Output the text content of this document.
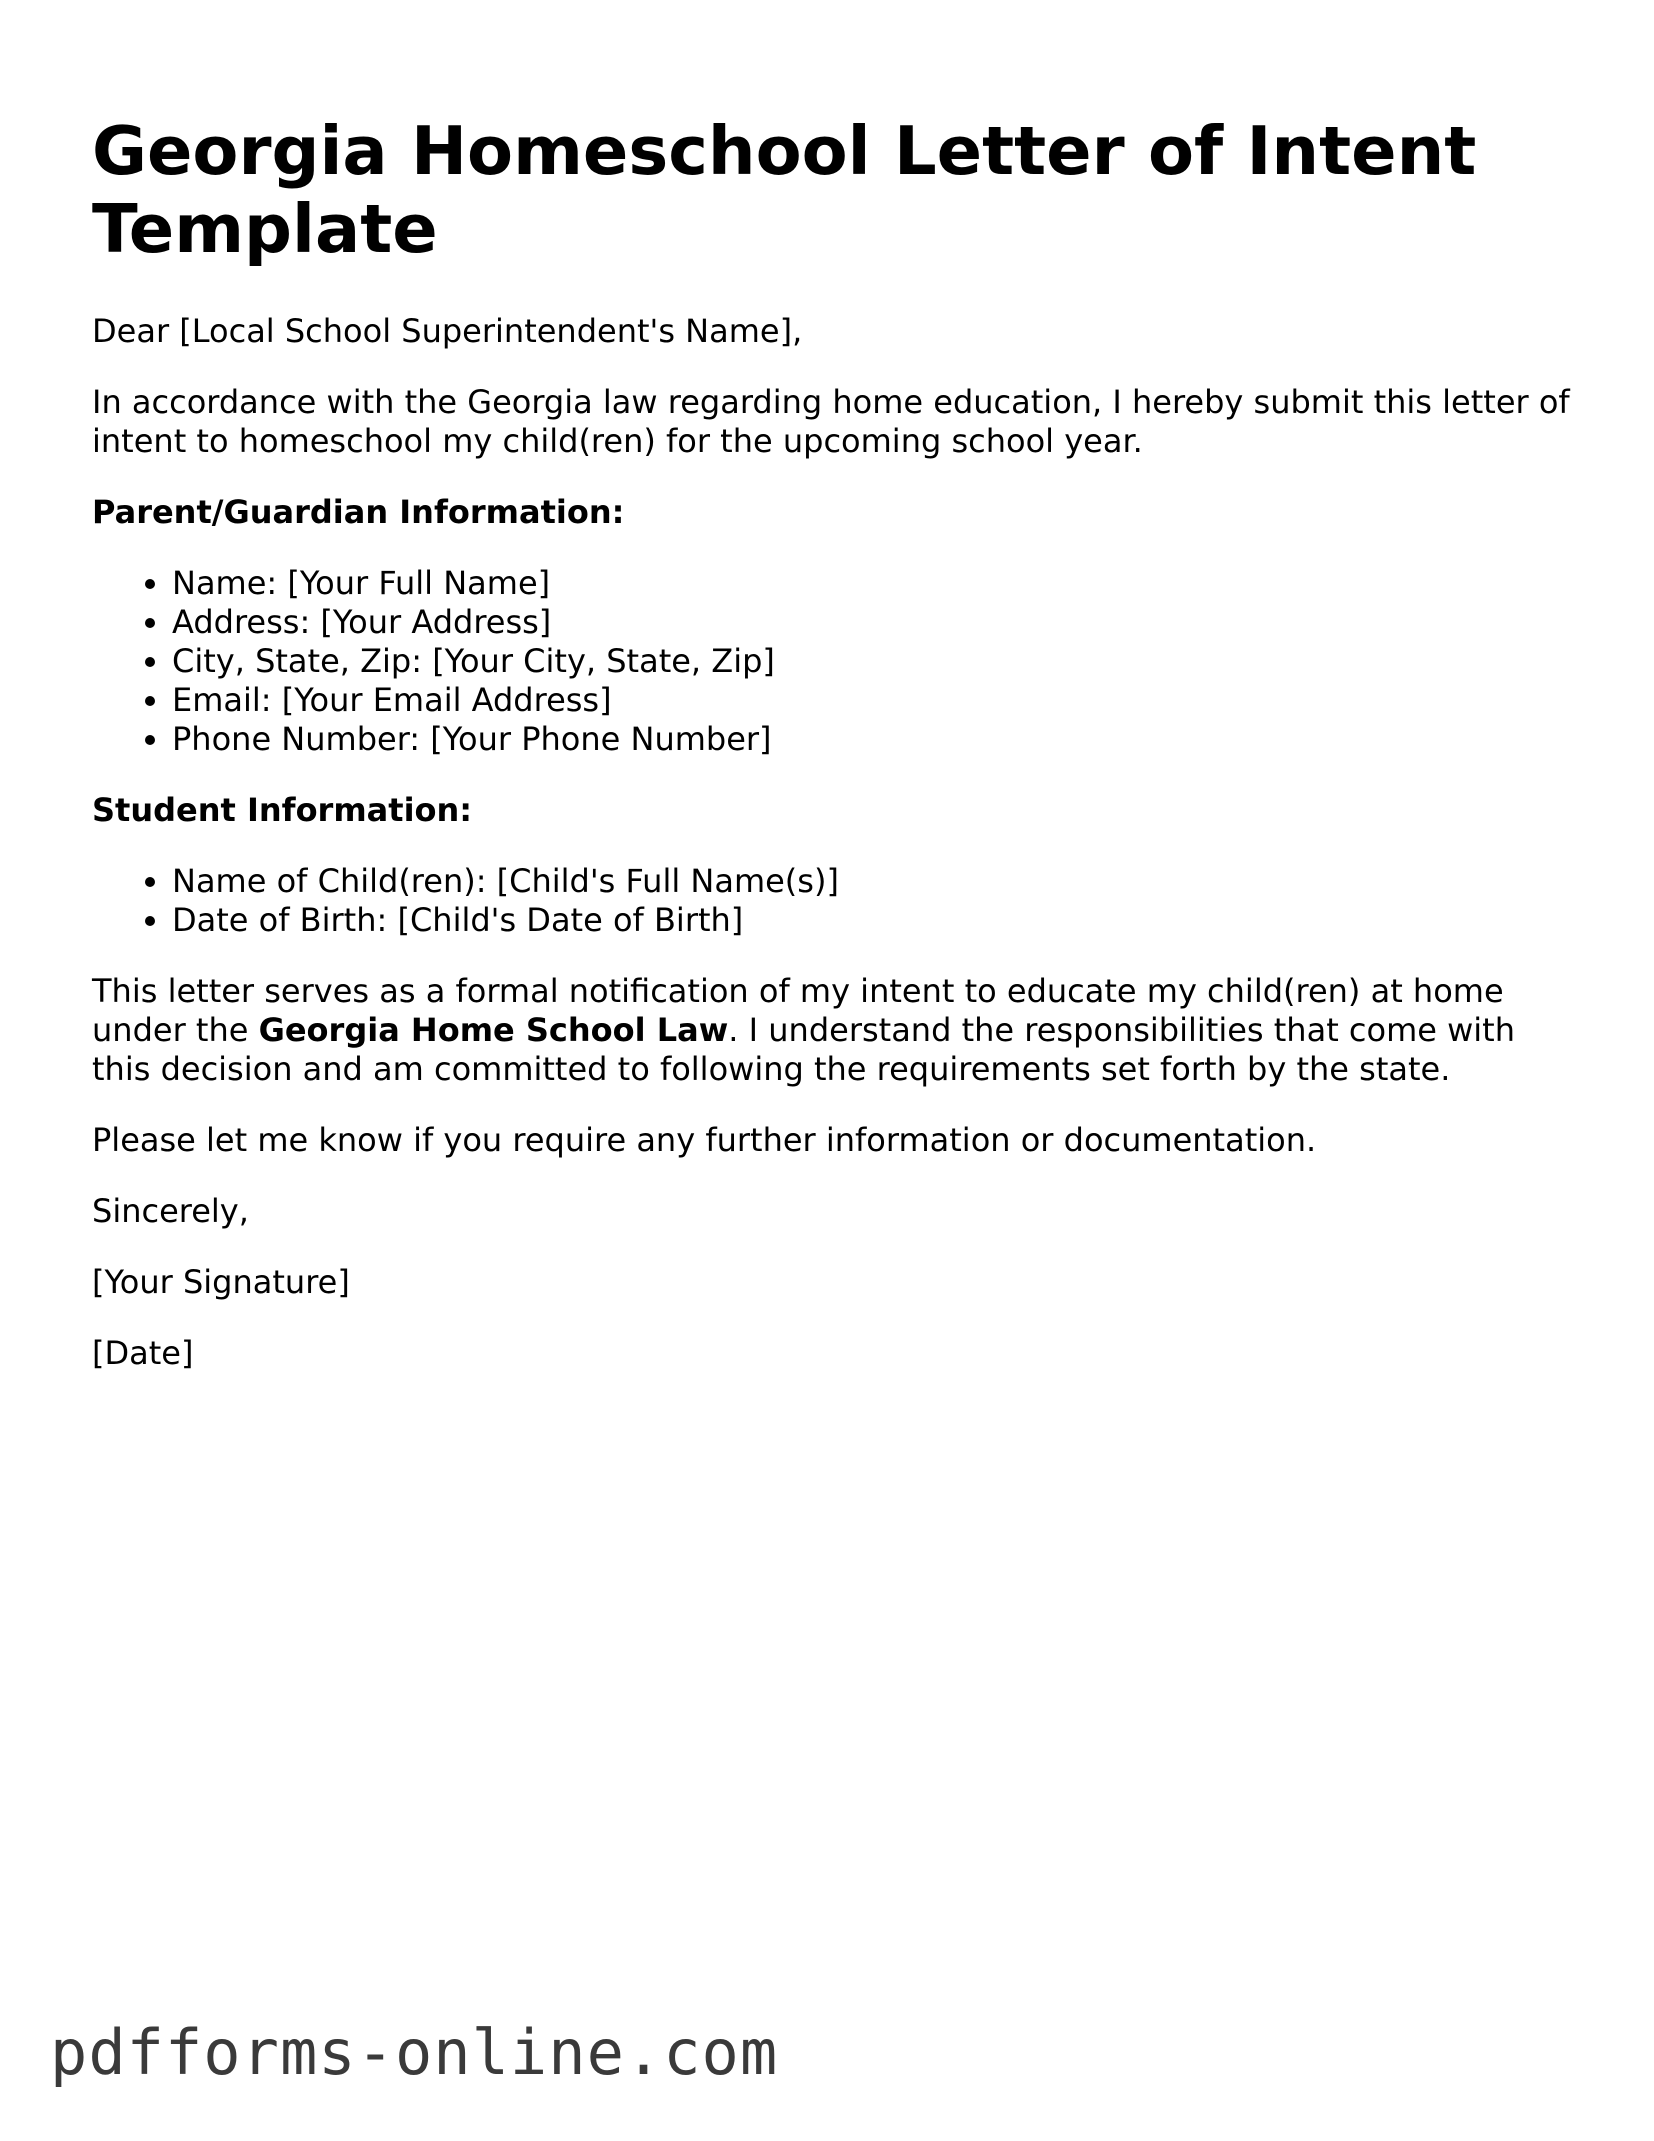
Georgia Homeschool Letter of Intent Template

Dear [Local School Superintendent's Name],

In accordance with the Georgia law regarding home education, I hereby submit this letter of intent to homeschool my child(ren) for the upcoming school year.

Parent/Guardian Information:

• Name: [Your Full Name]
• Address: [Your Address]
• City, State, Zip: [Your City, State, Zip]
• Email: [Your Email Address]
• Phone Number: [Your Phone Number]

Student Information:

• Name of Child(ren): [Child's Full Name(s)]
• Date of Birth: [Child's Date of Birth]

This letter serves as a formal notification of my intent to educate my child(ren) at home under the Georgia Home School Law. I understand the responsibilities that come with this decision and am committed to following the requirements set forth by the state.

Please let me know if you require any further information or documentation.

Sincerely,

[Your Signature]

[Date]

pdfforms-online.com
